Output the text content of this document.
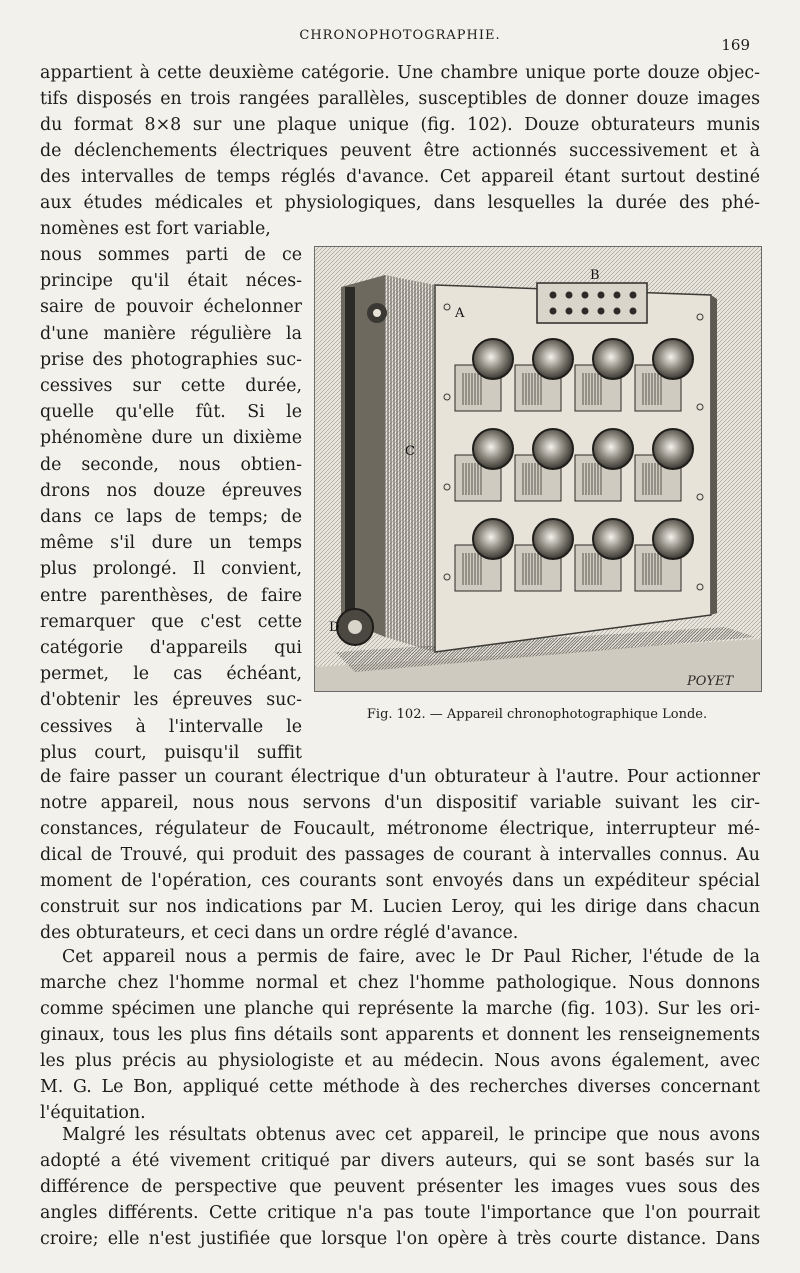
CHRONOPHOTOGRAPHIE.
169
appartient à cette deuxième catégorie. Une chambre unique porte douze objec-
tifs disposés en trois rangées parallèles, susceptibles de donner douze images
du format 8×8 sur une plaque unique (fig. 102). Douze obturateurs munis
de déclenchements électriques peuvent être actionnés successivement et à
des intervalles de temps réglés d'avance. Cet appareil étant surtout destiné
aux études médicales et physiologiques, dans lesquelles la durée des phé-
nomènes est fort variable,
nous sommes parti de ce
principe qu'il était néces-
saire de pouvoir échelonner
d'une manière régulière la
prise des photographies suc-
cessives sur cette durée,
quelle qu'elle fût. Si le
phénomène dure un dixième
de seconde, nous obtien-
drons nos douze épreuves
dans ce laps de temps; de
même s'il dure un temps
plus prolongé. Il convient,
entre parenthèses, de faire
remarquer que c'est cette
catégorie d'appareils qui
permet, le cas échéant,
d'obtenir les épreuves suc-
cessives à l'intervalle le
plus court, puisqu'il suffit
A
B
C
D
POYET
Fig. 102. — Appareil chronophotographique Londe.
de faire passer un courant électrique d'un obturateur à l'autre. Pour actionner
notre appareil, nous nous servons d'un dispositif variable suivant les cir-
constances, régulateur de Foucault, métronome électrique, interrupteur mé-
dical de Trouvé, qui produit des passages de courant à intervalles connus. Au
moment de l'opération, ces courants sont envoyés dans un expéditeur spécial
construit sur nos indications par M. Lucien Leroy, qui les dirige dans chacun
des obturateurs, et ceci dans un ordre réglé d'avance.
Cet appareil nous a permis de faire, avec le Dr Paul Richer, l'étude de la
marche chez l'homme normal et chez l'homme pathologique. Nous donnons
comme spécimen une planche qui représente la marche (fig. 103). Sur les ori-
ginaux, tous les plus fins détails sont apparents et donnent les renseignements
les plus précis au physiologiste et au médecin. Nous avons également, avec
M. G. Le Bon, appliqué cette méthode à des recherches diverses concernant
l'équitation.
Malgré les résultats obtenus avec cet appareil, le principe que nous avons
adopté a été vivement critiqué par divers auteurs, qui se sont basés sur la
différence de perspective que peuvent présenter les images vues sous des
angles différents. Cette critique n'a pas toute l'importance que l'on pourrait
croire; elle n'est justifiée que lorsque l'on opère à très courte distance. Dans
